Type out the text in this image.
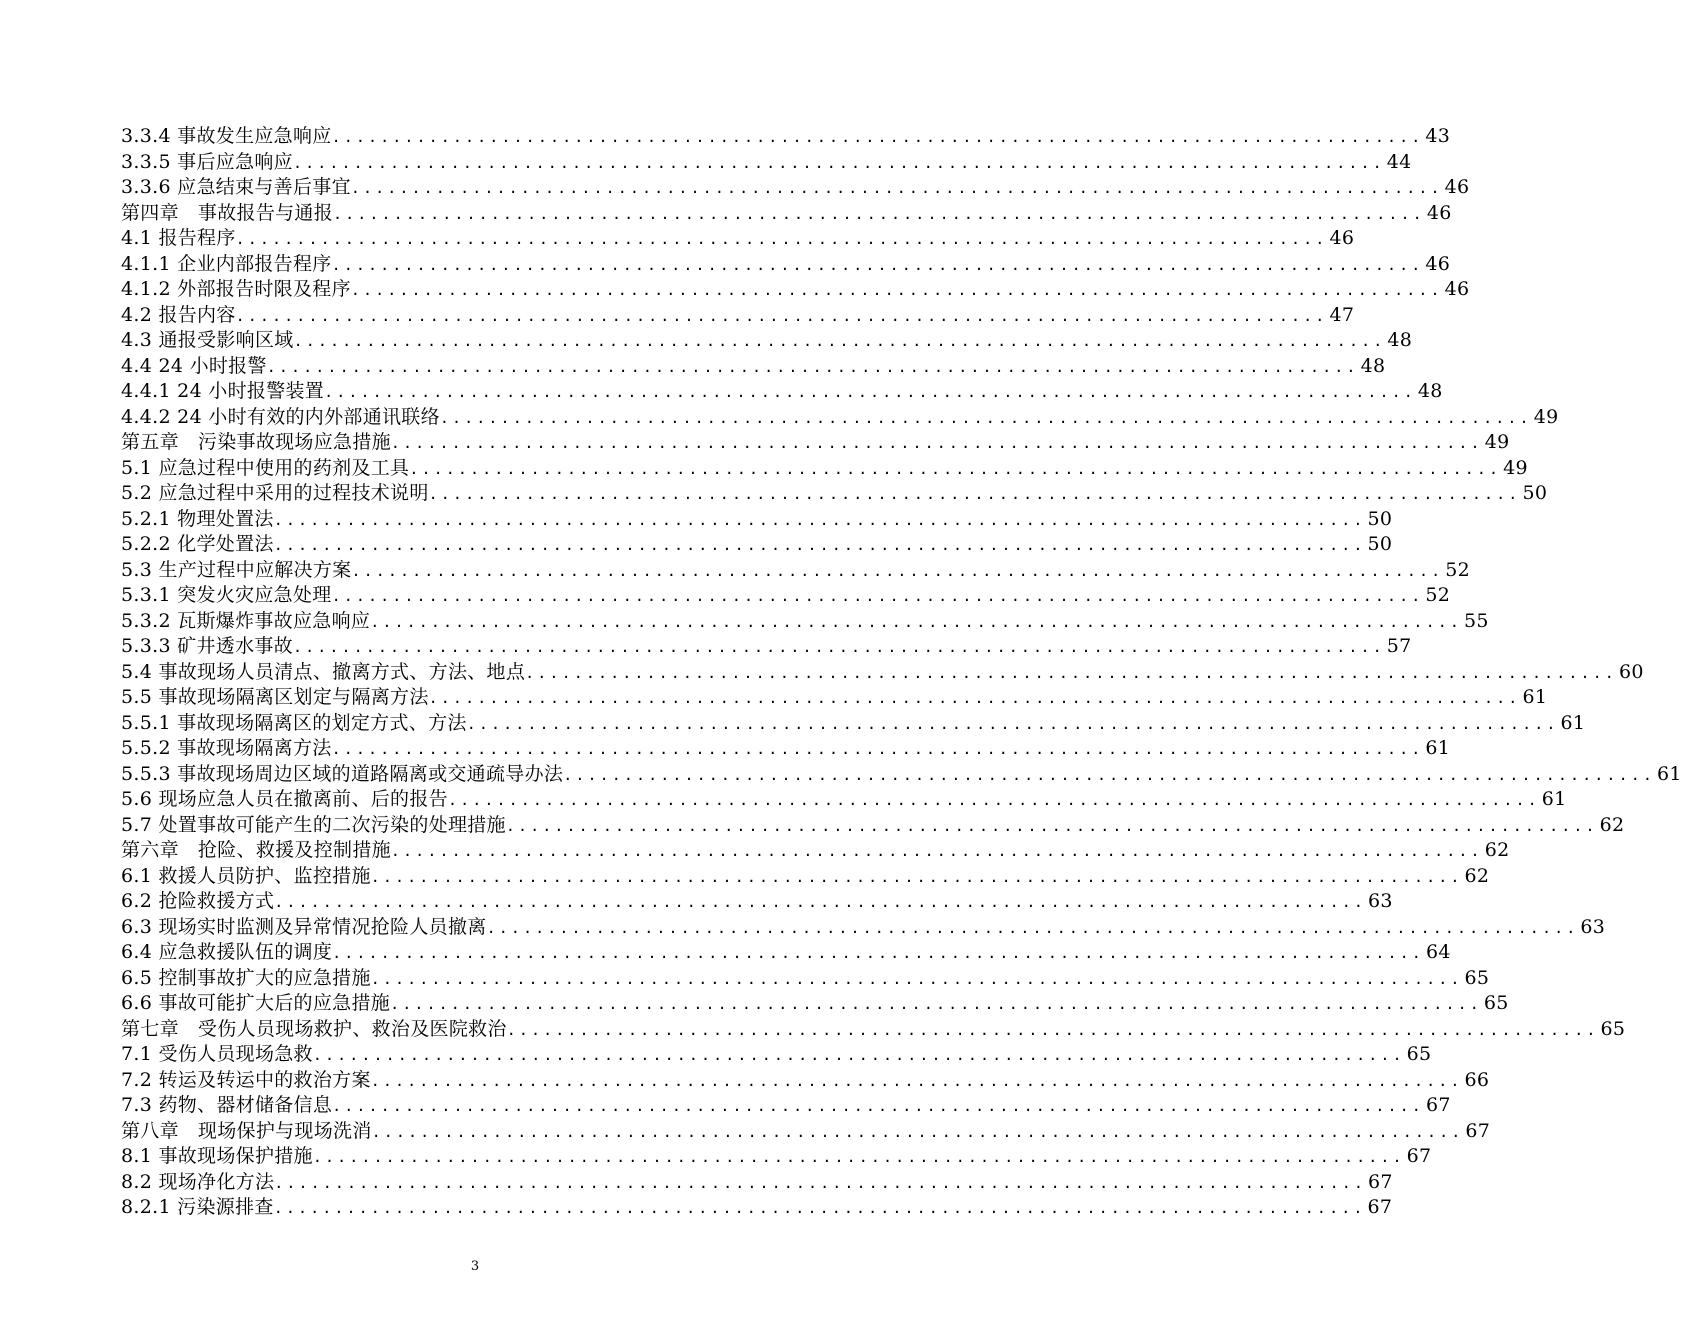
3.3.4 事故发生应急响应 .......................................................................................... 43
3.3.5 事后应急响应 .......................................................................................... 44
3.3.6 应急结束与善后事宜 .......................................................................................... 46
第四章   事故报告与通报 .......................................................................................... 46
4.1 报告程序 .......................................................................................... 46
4.1.1 企业内部报告程序 .......................................................................................... 46
4.1.2 外部报告时限及程序 .......................................................................................... 46
4.2 报告内容 .......................................................................................... 47
4.3 通报受影响区域 .......................................................................................... 48
4.4 24 小时报警 .......................................................................................... 48
4.4.1 24 小时报警装置 .......................................................................................... 48
4.4.2 24 小时有效的内外部通讯联络 .......................................................................................... 49
第五章   污染事故现场应急措施 .......................................................................................... 49
5.1 应急过程中使用的药剂及工具 .......................................................................................... 49
5.2 应急过程中采用的过程技术说明 .......................................................................................... 50
5.2.1 物理处置法 .......................................................................................... 50
5.2.2 化学处置法 .......................................................................................... 50
5.3 生产过程中应解决方案 .......................................................................................... 52
5.3.1 突发火灾应急处理 .......................................................................................... 52
5.3.2 瓦斯爆炸事故应急响应 .......................................................................................... 55
5.3.3 矿井透水事故 .......................................................................................... 57
5.4 事故现场人员清点、撤离方式、方法、地点 .......................................................................................... 60
5.5 事故现场隔离区划定与隔离方法 .......................................................................................... 61
5.5.1 事故现场隔离区的划定方式、方法 .......................................................................................... 61
5.5.2 事故现场隔离方法 .......................................................................................... 61
5.5.3 事故现场周边区域的道路隔离或交通疏导办法 .......................................................................................... 61
5.6 现场应急人员在撤离前、后的报告 .......................................................................................... 61
5.7 处置事故可能产生的二次污染的处理措施 .......................................................................................... 62
第六章   抢险、救援及控制措施 .......................................................................................... 62
6.1 救援人员防护、监控措施 .......................................................................................... 62
6.2 抢险救援方式 .......................................................................................... 63
6.3 现场实时监测及异常情况抢险人员撤离 .......................................................................................... 63
6.4 应急救援队伍的调度 .......................................................................................... 64
6.5 控制事故扩大的应急措施 .......................................................................................... 65
6.6 事故可能扩大后的应急措施 .......................................................................................... 65
第七章   受伤人员现场救护、救治及医院救治 .......................................................................................... 65
7.1 受伤人员现场急救 .......................................................................................... 65
7.2 转运及转运中的救治方案 .......................................................................................... 66
7.3 药物、器材储备信息 .......................................................................................... 67
第八章   现场保护与现场洗消 .......................................................................................... 67
8.1 事故现场保护措施 .......................................................................................... 67
8.2 现场净化方法 .......................................................................................... 67
8.2.1 污染源排查 .......................................................................................... 67
3
